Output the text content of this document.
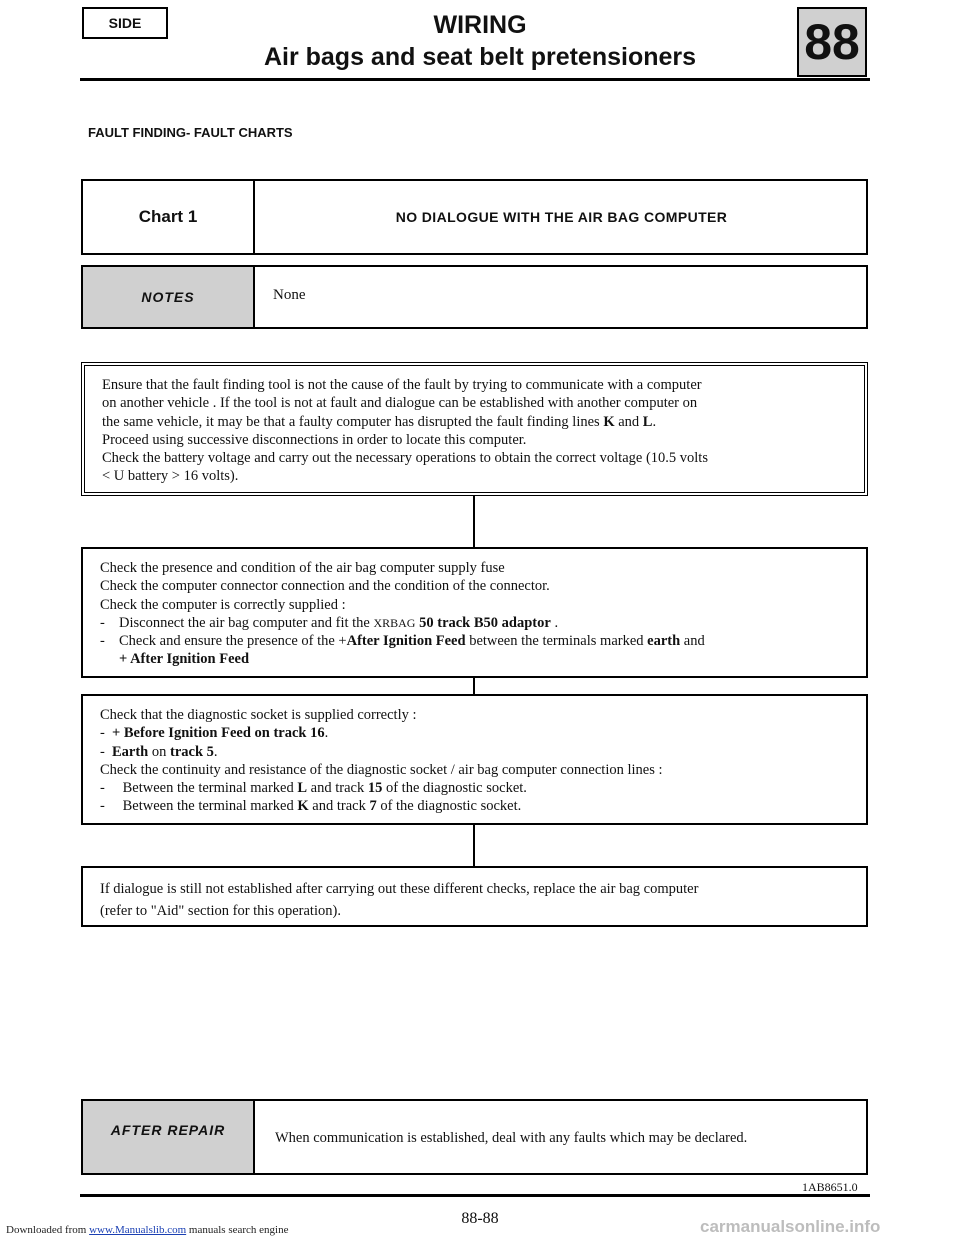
SIDE	WIRING
Air bags and seat belt pretensioners	88
FAULT FINDING- FAULT CHARTS
Chart 1	NO DIALOGUE WITH THE AIR BAG COMPUTER
NOTES	None
Ensure that the fault finding tool is not the cause of the fault by trying to communicate with a computer
on another vehicle . If the tool is not at fault and dialogue can be established with another computer on
the same vehicle, it may be that a faulty computer has disrupted the fault finding lines K and L.
Proceed using successive disconnections in order to locate this computer.
Check the battery voltage and carry out the necessary operations to obtain the correct voltage (10.5 volts
< U battery > 16 volts).
Check the presence and condition of the air bag computer supply fuse
Check the computer connector connection and the condition of the connector.
Check the computer is correctly supplied :
- Disconnect the air bag computer and fit the XRBAG 50 track B50 adaptor .
- Check and ensure the presence of the +After Ignition Feed between the terminals marked earth and
+ After Ignition Feed
Check that the diagnostic socket is supplied correctly :
- + Before Ignition Feed on track 16.
- Earth on track 5.
Check the continuity and resistance of the diagnostic socket / air bag computer connection lines :
- Between the terminal marked L and track 15 of the diagnostic socket.
- Between the terminal marked K and track 7 of the diagnostic socket.
If dialogue is still not established after carrying out these different checks, replace the air bag computer
(refer to "Aid" section for this operation).
AFTER REPAIR	When communication is established, deal with any faults which may be declared.
1AB8651.0
88-88
Downloaded from www.Manualslib.com manuals search engine	carmanualsonline.info
